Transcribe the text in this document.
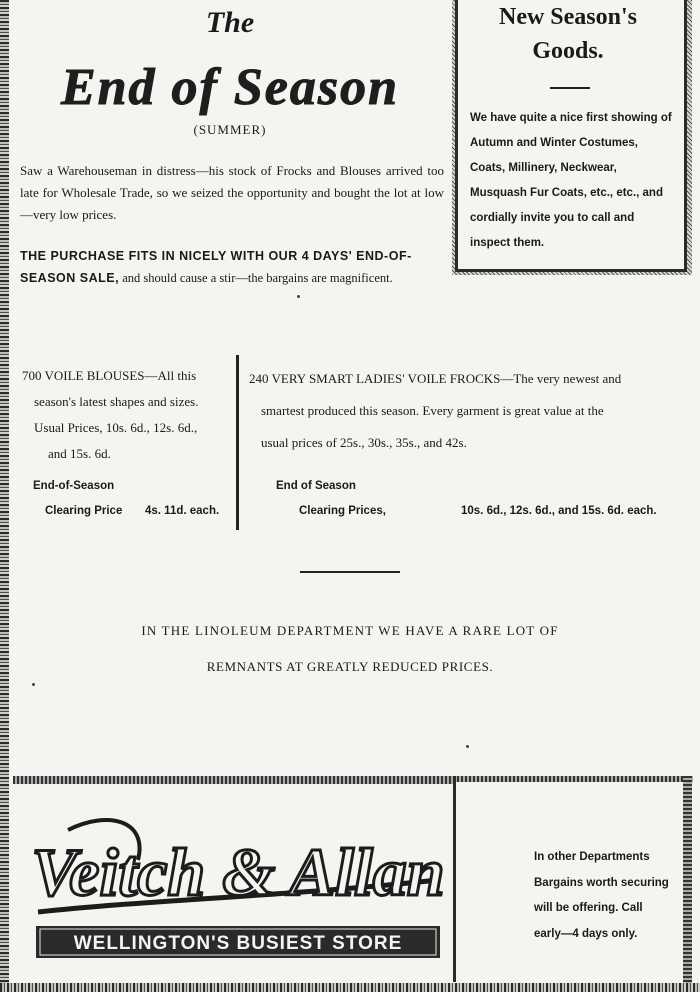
The
End of Season
(SUMMER)
Saw a Warehouseman in distress—his stock of Frocks and Blouses arrived too late for Wholesale Trade, so we seized the opportunity and bought the lot at low—very low prices.
THE PURCHASE FITS IN NICELY WITH OUR 4 DAYS' END-OF-SEASON SALE, and should cause a stir—the bargains are magnificent.
New Season's
Goods.
We have quite a nice first showing of Autumn and Winter Costumes, Coats, Millinery, Neckwear, Musquash Fur Coats, etc., etc., and cordially invite you to call and inspect them.
700 VOILE BLOUSES—All this
season's latest shapes and sizes.
Usual Prices, 10s. 6d., 12s. 6d.,
and 15s. 6d.
End-of-Season
Clearing Price 4s. 11d. each.
240 VERY SMART LADIES' VOILE FROCKS—The very newest and
smartest produced this season. Every garment is great value at the
usual prices of 25s., 30s., 35s., and 42s.
End of Season
Clearing Prices,	10s. 6d., 12s. 6d., and 15s. 6d. each.
IN THE LINOLEUM DEPARTMENT WE HAVE A RARE LOT OF
REMNANTS AT GREATLY REDUCED PRICES.
Veitch & Allan
WELLINGTON'S BUSIEST STORE
In other Departments
Bargains worth securing
will be offering. Call
early—4 days only.
